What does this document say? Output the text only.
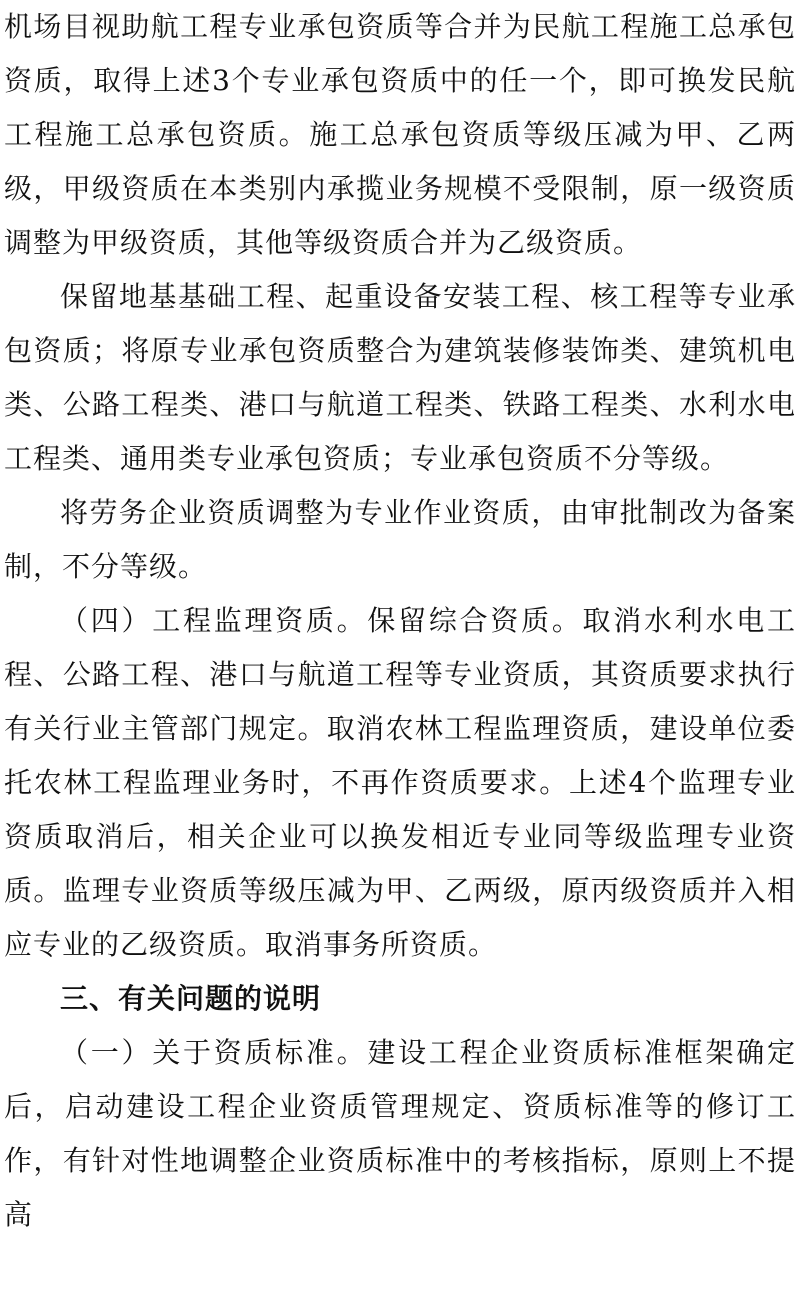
机场目视助航工程专业承包资质等合并为民航工程施工总承包资质，取得上述3个专业承包资质中的任一个，即可换发民航工程施工总承包资质。施工总承包资质等级压减为甲、乙两级，甲级资质在本类别内承揽业务规模不受限制，原一级资质调整为甲级资质，其他等级资质合并为乙级资质。

保留地基基础工程、起重设备安装工程、核工程等专业承包资质；将原专业承包资质整合为建筑装修装饰类、建筑机电类、公路工程类、港口与航道工程类、铁路工程类、水利水电工程类、通用类专业承包资质；专业承包资质不分等级。

将劳务企业资质调整为专业作业资质，由审批制改为备案制，不分等级。

（四）工程监理资质。保留综合资质。取消水利水电工程、公路工程、港口与航道工程等专业资质，其资质要求执行有关行业主管部门规定。取消农林工程监理资质，建设单位委托农林工程监理业务时，不再作资质要求。上述4个监理专业资质取消后，相关企业可以换发相近专业同等级监理专业资质。监理专业资质等级压减为甲、乙两级，原丙级资质并入相应专业的乙级资质。取消事务所资质。

三、有关问题的说明

（一）关于资质标准。建设工程企业资质标准框架确定后，启动建设工程企业资质管理规定、资质标准等的修订工作，有针对性地调整企业资质标准中的考核指标，原则上不提高
